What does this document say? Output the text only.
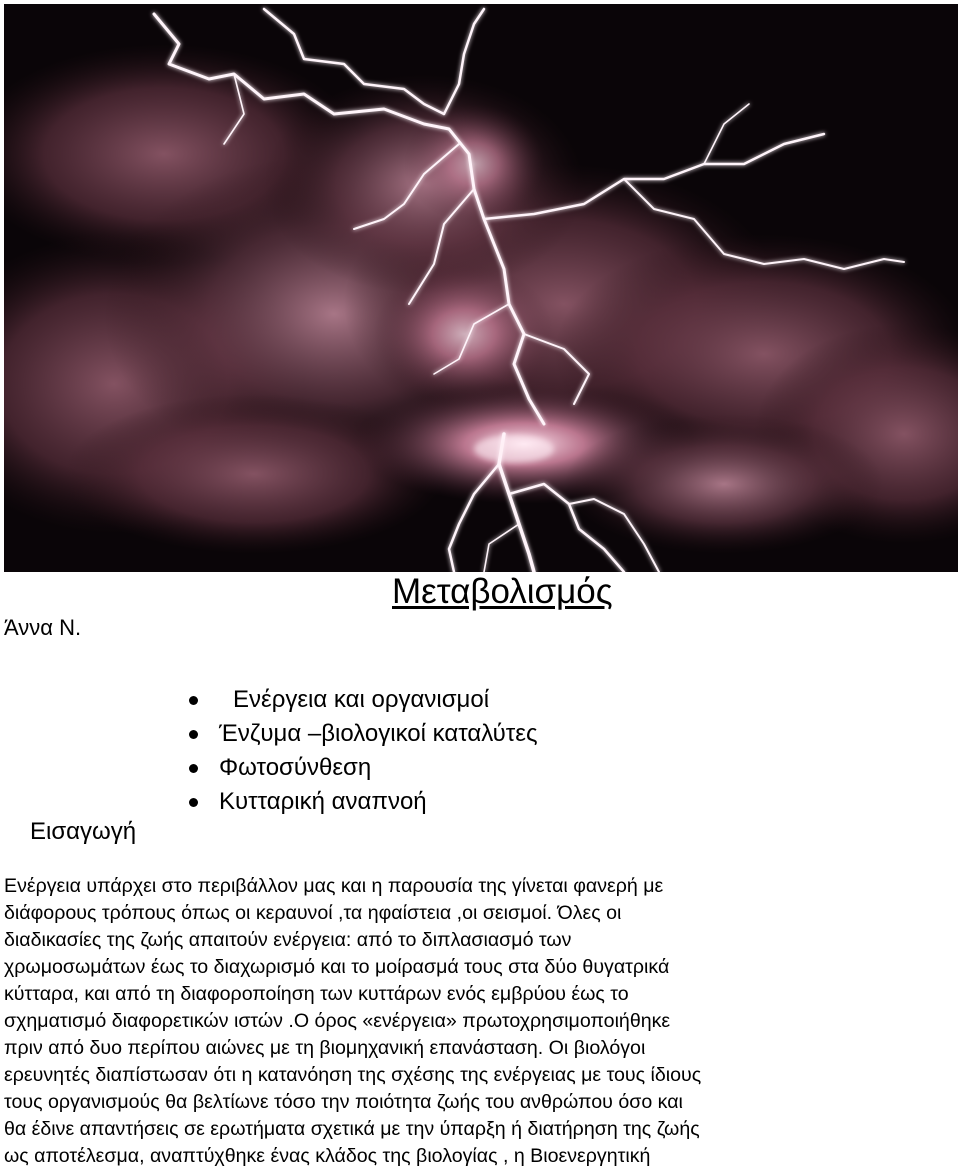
Άννα Ν.
Μεταβολισμός
Ενέργεια και οργανισμοί
Ένζυμα –βιολογικοί καταλύτες
Φωτοσύνθεση
Κυτταρική αναπνοή
Εισαγωγή

Ενέργεια υπάρχει στο περιβάλλον μας και η παρουσία της γίνεται φανερή με
διάφορους τρόπους όπως οι κεραυνοί ,τα ηφαίστεια ,οι σεισμοί. Όλες οι
διαδικασίες της ζωής απαιτούν ενέργεια: από το διπλασιασμό των
χρωμοσωμάτων έως το διαχωρισμό και το μοίρασμά τους στα δύο θυγατρικά
κύτταρα, και από τη διαφοροποίηση των κυττάρων ενός εμβρύου έως το
σχηματισμό διαφορετικών ιστών .Ο όρος «ενέργεια» πρωτοχρησιμοποιήθηκε
πριν από δυο περίπου αιώνες με τη βιομηχανική επανάσταση. Οι βιολόγοι
ερευνητές διαπίστωσαν ότι η κατανόηση της σχέσης της ενέργειας με τους ίδιους
τους οργανισμούς θα βελτίωνε τόσο την ποιότητα ζωής του ανθρώπου όσο και
θα έδινε απαντήσεις σε ερωτήματα σχετικά με την ύπαρξη ή διατήρηση της ζωής
ως αποτέλεσμα, αναπτύχθηκε ένας κλάδος της βιολογίας , η Βιοενεργητική
